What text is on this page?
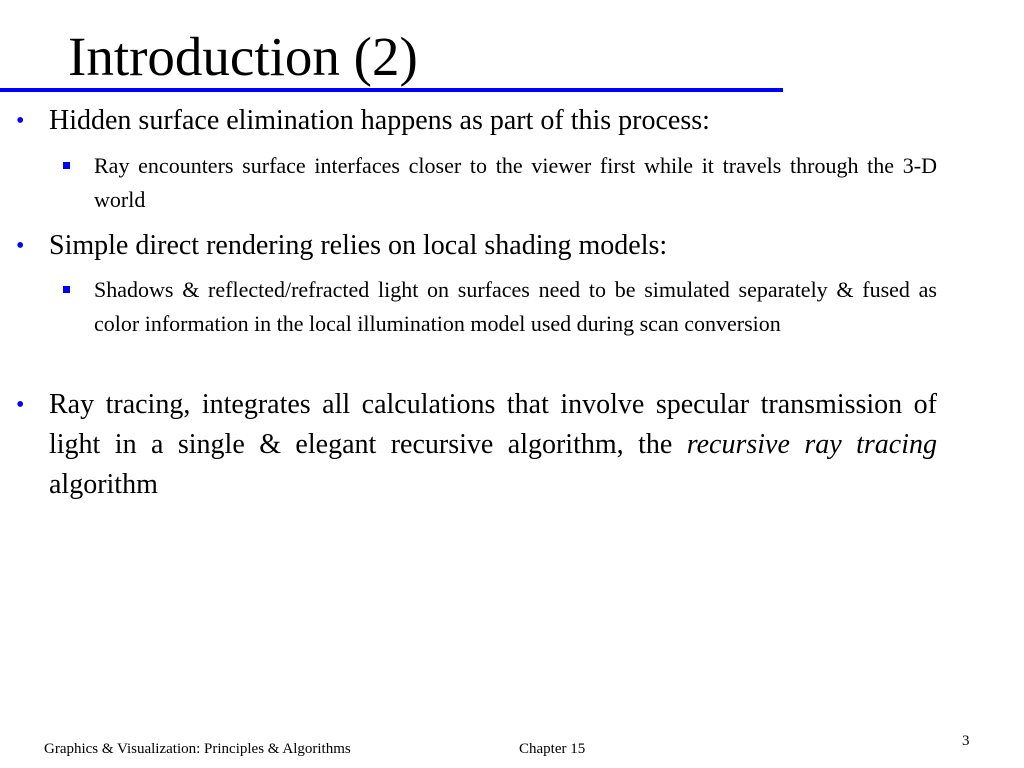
Introduction (2)
• Hidden surface elimination happens as part of this process:
Ray encounters surface interfaces closer to the viewer first while it travels through the 3-D world
• Simple direct rendering relies on local shading models:
Shadows & reflected/refracted light on surfaces need to be simulated separately & fused as color information in the local illumination model used during scan conversion
• Ray tracing, integrates all calculations that involve specular transmission of light in a single & elegant recursive algorithm, the recursive ray tracing algorithm
Graphics & Visualization: Principles & Algorithms	Chapter 15	3
